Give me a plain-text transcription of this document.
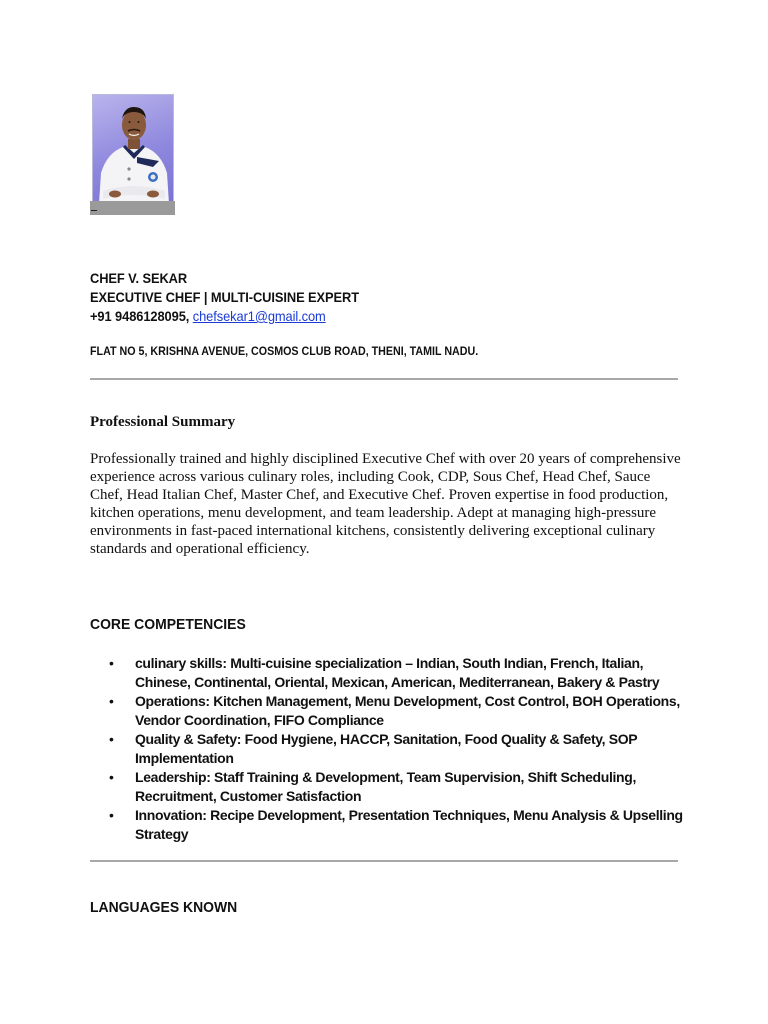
CHEF V. SEKAR
EXECUTIVE CHEF | MULTI-CUISINE EXPERT
+91 9486128095, chefsekar1@gmail.com
FLAT NO 5, KRISHNA AVENUE, COSMOS CLUB ROAD, THENI, TAMIL NADU.
Professional Summary
Professionally trained and highly disciplined Executive Chef with over 20 years of comprehensive experience across various culinary roles, including Cook, CDP, Sous Chef, Head Chef, Sauce Chef, Head Italian Chef, Master Chef, and Executive Chef. Proven expertise in food production, kitchen operations, menu development, and team leadership. Adept at managing high-pressure environments in fast-paced international kitchens, consistently delivering exceptional culinary standards and operational efficiency.
CORE COMPETENCIES
• culinary skills: Multi-cuisine specialization – Indian, South Indian, French, Italian, Chinese, Continental, Oriental, Mexican, American, Mediterranean, Bakery & Pastry
• Operations: Kitchen Management, Menu Development, Cost Control, BOH Operations, Vendor Coordination, FIFO Compliance
• Quality & Safety: Food Hygiene, HACCP, Sanitation, Food Quality & Safety, SOP Implementation
• Leadership: Staff Training & Development, Team Supervision, Shift Scheduling, Recruitment, Customer Satisfaction
• Innovation: Recipe Development, Presentation Techniques, Menu Analysis & Upselling Strategy
LANGUAGES KNOWN
